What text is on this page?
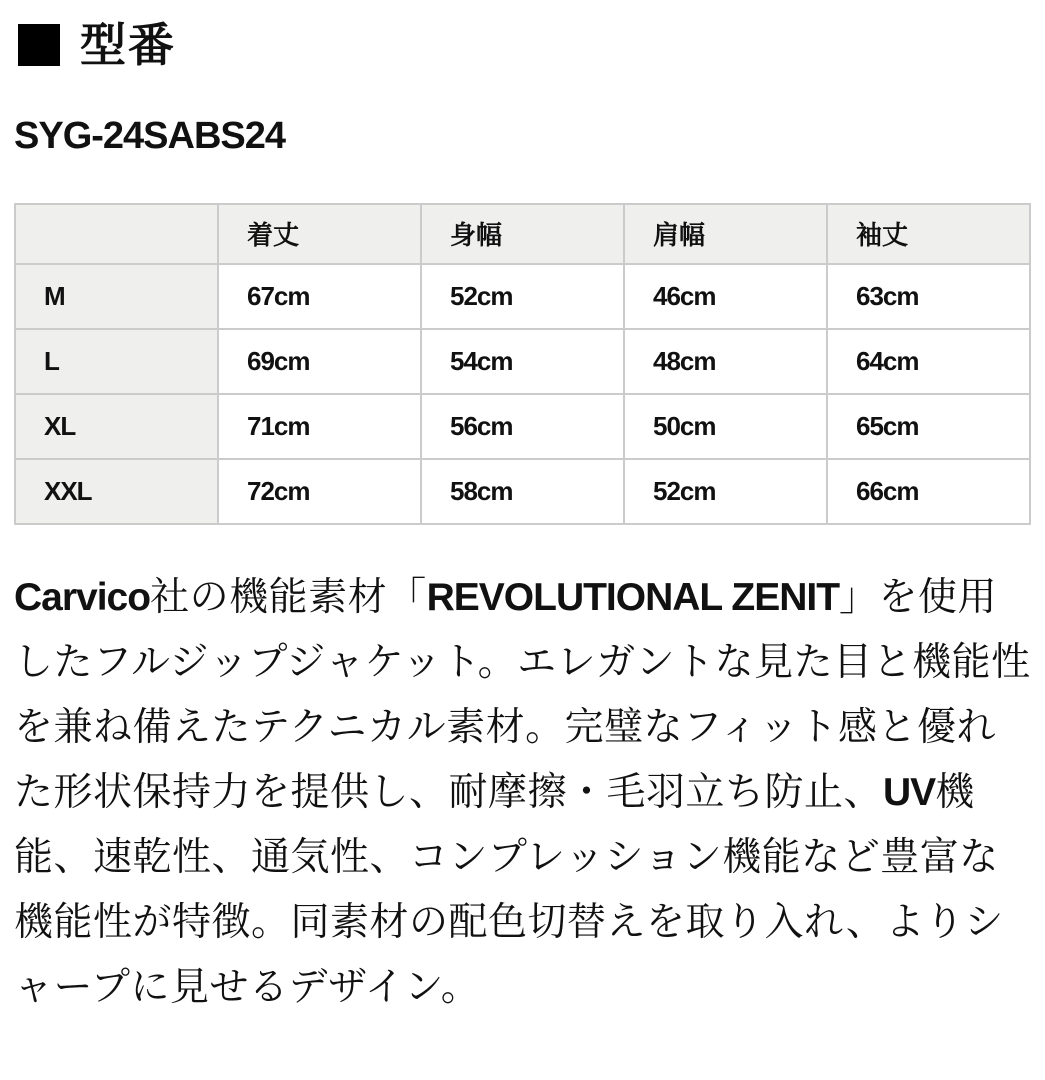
型番
SYG-24SABS24
	着丈	身幅	肩幅	袖丈
M	67cm	52cm	46cm	63cm
L	69cm	54cm	48cm	64cm
XL	71cm	56cm	50cm	65cm
XXL	72cm	58cm	52cm	66cm

Carvico社の機能素材「REVOLUTIONAL ZENIT」を使用したフルジップジャケット。エレガントな見た目と機能性を兼ね備えたテクニカル素材。完璧なフィット感と優れた形状保持力を提供し、耐摩擦・毛羽立ち防止、UV機能、速乾性、通気性、コンプレッション機能など豊富な機能性が特徴。同素材の配色切替えを取り入れ、よりシャープに見せるデザイン。
